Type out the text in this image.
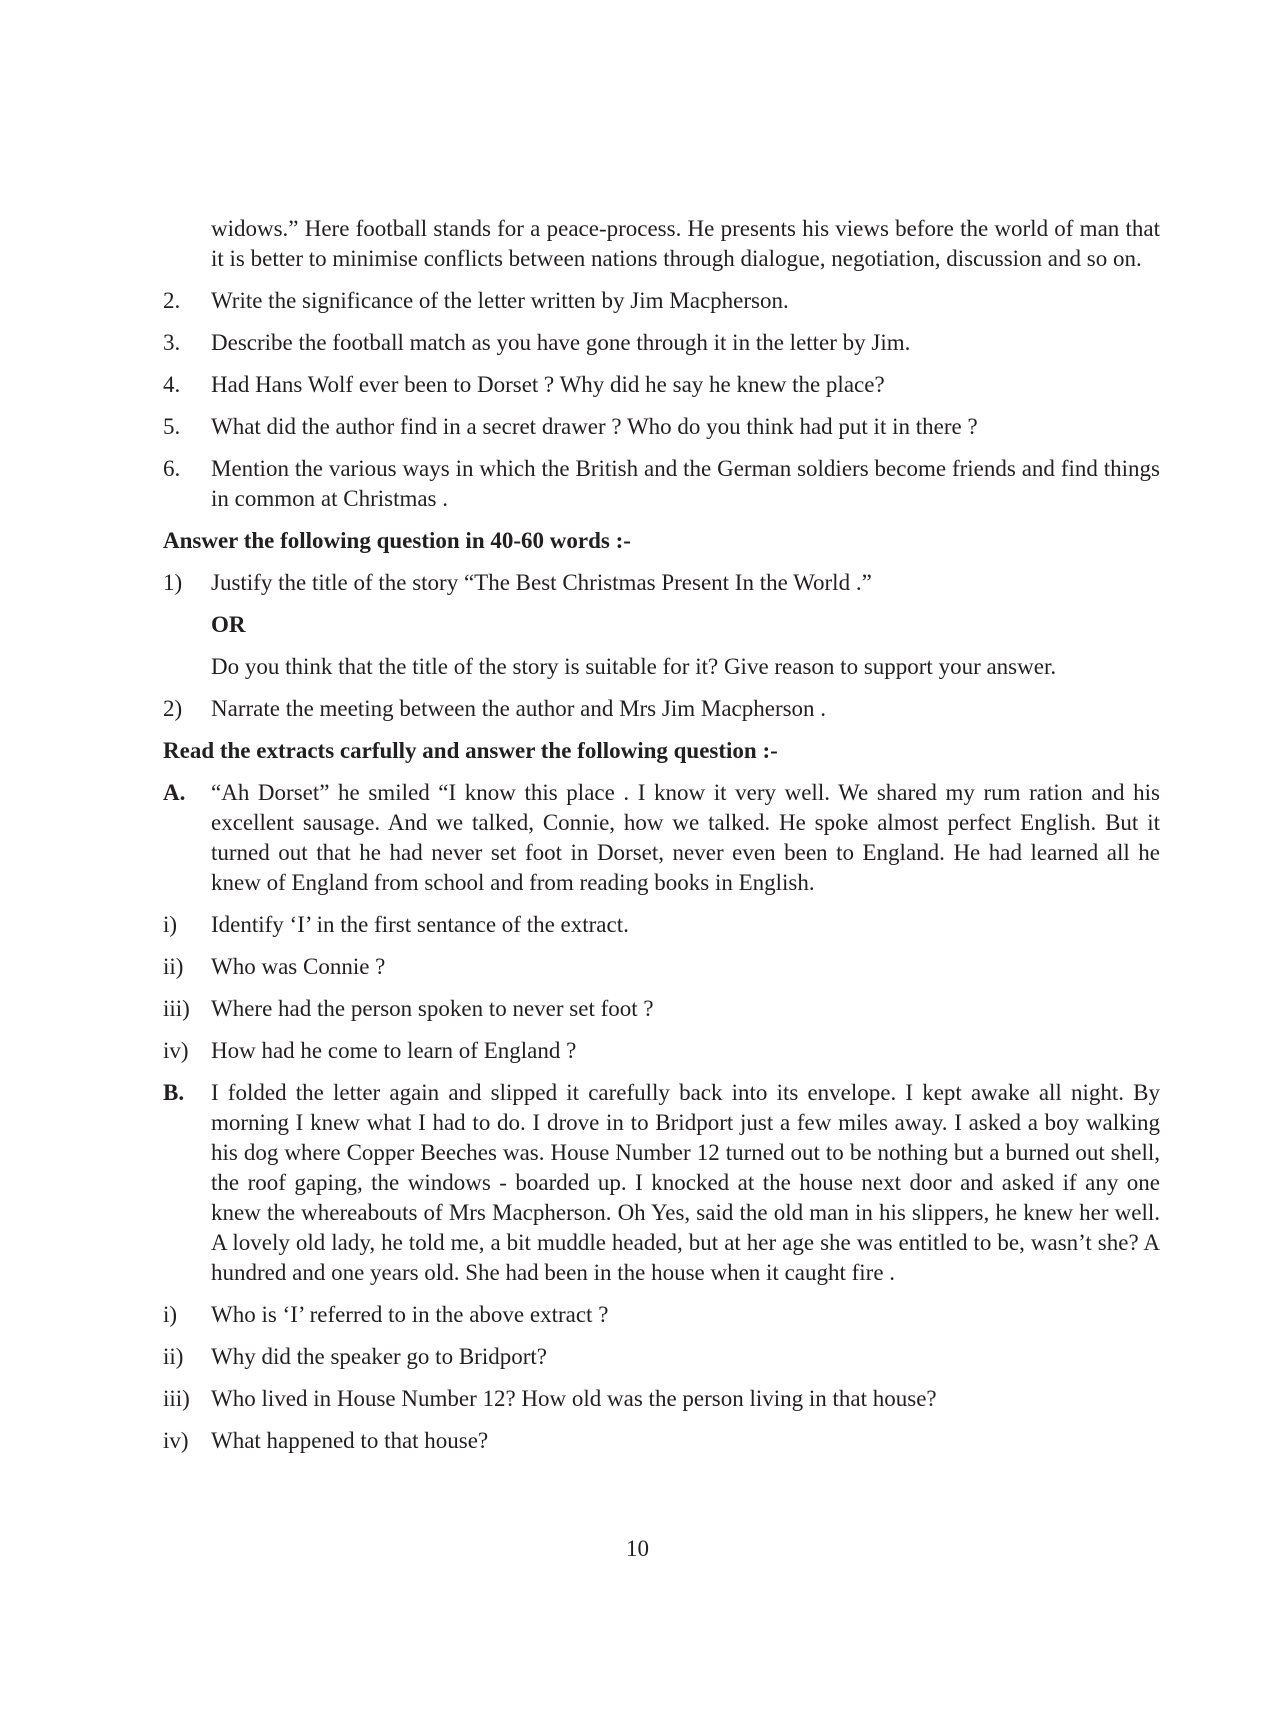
widows.” Here football stands for a peace-process. He presents his views before the world of man that it is better to minimise conflicts between nations through dialogue, negotiation, discussion and so on.
2.	Write the significance of the letter written by Jim Macpherson.
3.	Describe the football match as you have gone through it in the letter by Jim.
4.	Had Hans Wolf ever been to Dorset ? Why did he say he knew the place?
5.	What did the author find in a secret drawer ? Who do you think had put it in there ?
6.	Mention the various ways in which the British and the German soldiers become friends and find things in common at Christmas .
Answer the following question in 40-60 words :-
1)	Justify the title of the story “The Best Christmas Present In the World .”
OR
Do you think that the title of the story is suitable for it? Give reason to support your answer.
2)	Narrate the meeting between the author and Mrs Jim Macpherson .
Read the extracts carfully and answer the following question :-
A.	“Ah Dorset” he smiled “I know this place . I know it very well. We shared my rum ration and his excellent sausage. And we talked, Connie, how we talked. He spoke almost perfect English. But it turned out that he had never set foot in Dorset, never even been to England. He had learned all he knew of England from school and from reading books in English.
i)	Identify ‘I’ in the first sentance of the extract.
ii)	Who was Connie ?
iii) Where had the person spoken to never set foot ?
iv) How had he come to learn of England ?
B.	I folded the letter again and slipped it carefully back into its envelope. I kept awake all night. By morning I knew what I had to do. I drove in to Bridport just a few miles away. I asked a boy walking his dog where Copper Beeches was. House Number 12 turned out to be nothing but a burned out shell, the roof gaping, the windows - boarded up. I knocked at the house next door and asked if any one knew the whereabouts of Mrs Macpherson. Oh Yes, said the old man in his slippers, he knew her well. A lovely old lady, he told me, a bit muddle headed, but at her age she was entitled to be, wasn’t she? A hundred and one years old. She had been in the house when it caught fire .
i)	Who is ‘I’ referred to in the above extract ?
ii)	Why did the speaker go to Bridport?
iii) Who lived in House Number 12? How old was the person living in that house?
iv) What happened to that house?
10
